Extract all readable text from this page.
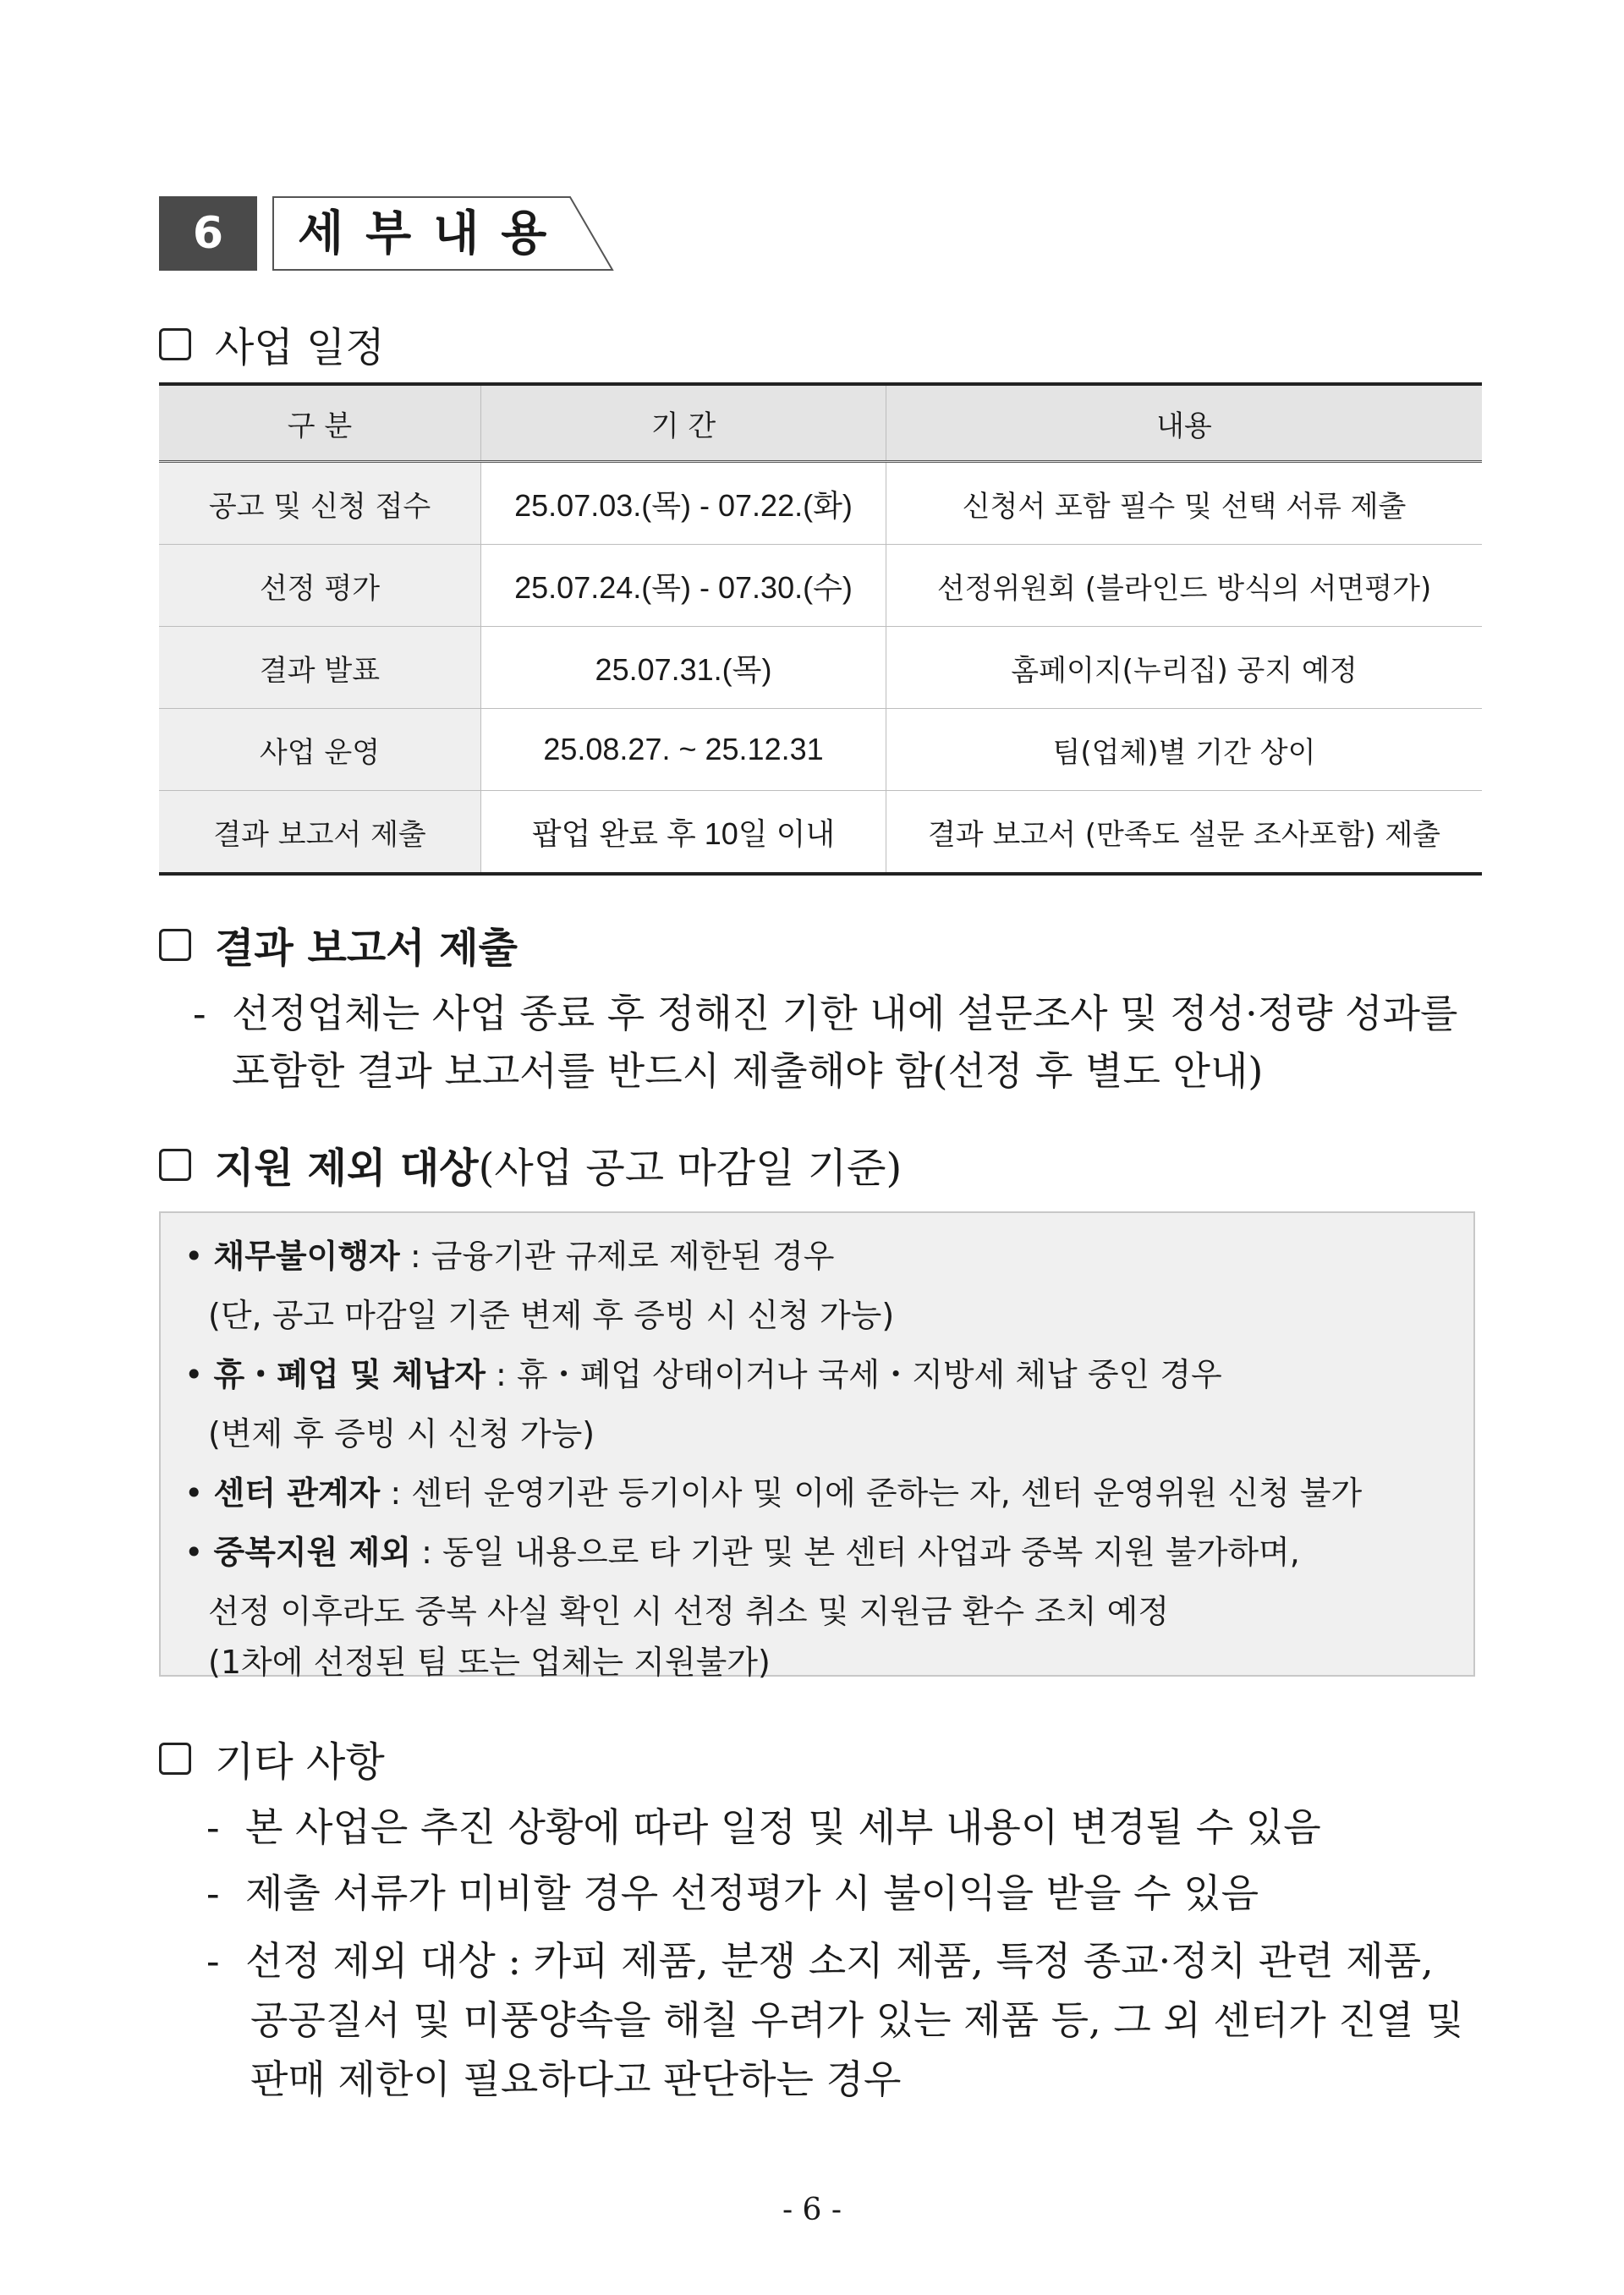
6	세부내용
사업 일정
구 분	기 간	내용
공고 및 신청 접수	25.07.03.(목) - 07.22.(화)	신청서 포함 필수 및 선택 서류 제출
선정 평가	25.07.24.(목) - 07.30.(수)	선정위원회 (블라인드 방식의 서면평가)
결과 발표	25.07.31.(목)	홈페이지(누리집) 공지 예정
사업 운영	25.08.27. ~ 25.12.31	팀(업체)별 기간 상이
결과 보고서 제출	팝업 완료 후 10일 이내	결과 보고서 (만족도 설문 조사포함) 제출
결과 보고서 제출
- 선정업체는 사업 종료 후 정해진 기한 내에 설문조사 및 정성·정량 성과를
포함한 결과 보고서를 반드시 제출해야 함(선정 후 별도 안내)
지원 제외 대상 (사업 공고 마감일 기준)
• 채무불이행자 : 금융기관 규제로 제한된 경우
(단, 공고 마감일 기준 변제 후 증빙 시 신청 가능)
• 휴・폐업 및 체납자 : 휴・폐업 상태이거나 국세・지방세 체납 중인 경우
(변제 후 증빙 시 신청 가능)
• 센터 관계자 : 센터 운영기관 등기이사 및 이에 준하는 자, 센터 운영위원 신청 불가
• 중복지원 제외 : 동일 내용으로 타 기관 및 본 센터 사업과 중복 지원 불가하며,
선정 이후라도 중복 사실 확인 시 선정 취소 및 지원금 환수 조치 예정
(1차에 선정된 팀 또는 업체는 지원불가)
기타 사항
- 본 사업은 추진 상황에 따라 일정 및 세부 내용이 변경될 수 있음
- 제출 서류가 미비할 경우 선정평가 시 불이익을 받을 수 있음
- 선정 제외 대상 : 카피 제품, 분쟁 소지 제품, 특정 종교·정치 관련 제품,
공공질서 및 미풍양속을 해칠 우려가 있는 제품 등, 그 외 센터가 진열 및
판매 제한이 필요하다고 판단하는 경우
- 6 -
